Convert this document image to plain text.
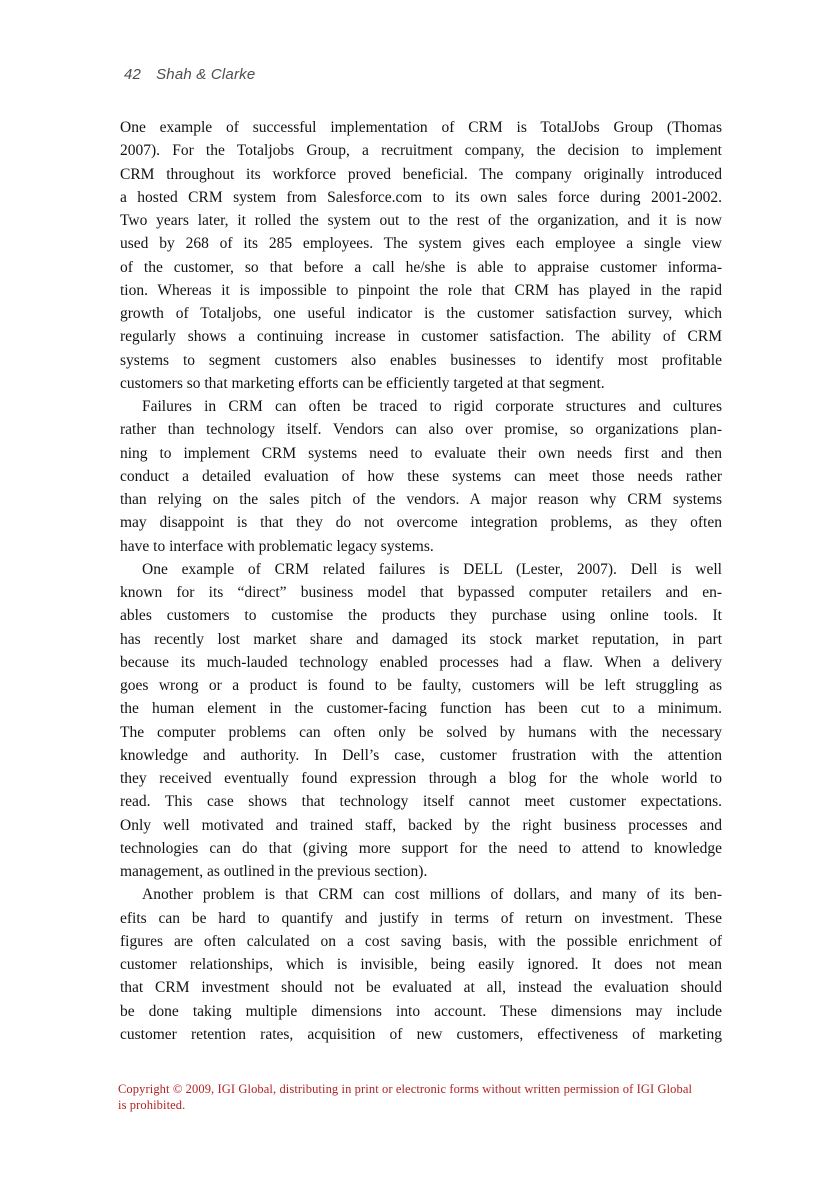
42 Shah & Clarke
One example of successful implementation of CRM is TotalJobs Group (Thomas
2007). For the Totaljobs Group, a recruitment company, the decision to implement
CRM throughout its workforce proved beneficial. The company originally introduced
a hosted CRM system from Salesforce.com to its own sales force during 2001-2002.
Two years later, it rolled the system out to the rest of the organization, and it is now
used by 268 of its 285 employees. The system gives each employee a single view
of the customer, so that before a call he/she is able to appraise customer informa-
tion. Whereas it is impossible to pinpoint the role that CRM has played in the rapid
growth of Totaljobs, one useful indicator is the customer satisfaction survey, which
regularly shows a continuing increase in customer satisfaction. The ability of CRM
systems to segment customers also enables businesses to identify most profitable
customers so that marketing efforts can be efficiently targeted at that segment.
Failures in CRM can often be traced to rigid corporate structures and cultures
rather than technology itself. Vendors can also over promise, so organizations plan-
ning to implement CRM systems need to evaluate their own needs first and then
conduct a detailed evaluation of how these systems can meet those needs rather
than relying on the sales pitch of the vendors. A major reason why CRM systems
may disappoint is that they do not overcome integration problems, as they often
have to interface with problematic legacy systems.
One example of CRM related failures is DELL (Lester, 2007). Dell is well
known for its “direct” business model that bypassed computer retailers and en-
ables customers to customise the products they purchase using online tools. It
has recently lost market share and damaged its stock market reputation, in part
because its much-lauded technology enabled processes had a flaw. When a delivery
goes wrong or a product is found to be faulty, customers will be left struggling as
the human element in the customer-facing function has been cut to a minimum.
The computer problems can often only be solved by humans with the necessary
knowledge and authority. In Dell’s case, customer frustration with the attention
they received eventually found expression through a blog for the whole world to
read. This case shows that technology itself cannot meet customer expectations.
Only well motivated and trained staff, backed by the right business processes and
technologies can do that (giving more support for the need to attend to knowledge
management, as outlined in the previous section).
Another problem is that CRM can cost millions of dollars, and many of its ben-
efits can be hard to quantify and justify in terms of return on investment. These
figures are often calculated on a cost saving basis, with the possible enrichment of
customer relationships, which is invisible, being easily ignored. It does not mean
that CRM investment should not be evaluated at all, instead the evaluation should
be done taking multiple dimensions into account. These dimensions may include
customer retention rates, acquisition of new customers, effectiveness of marketing
Copyright © 2009, IGI Global, distributing in print or electronic forms without written permission of IGI Global
is prohibited.
